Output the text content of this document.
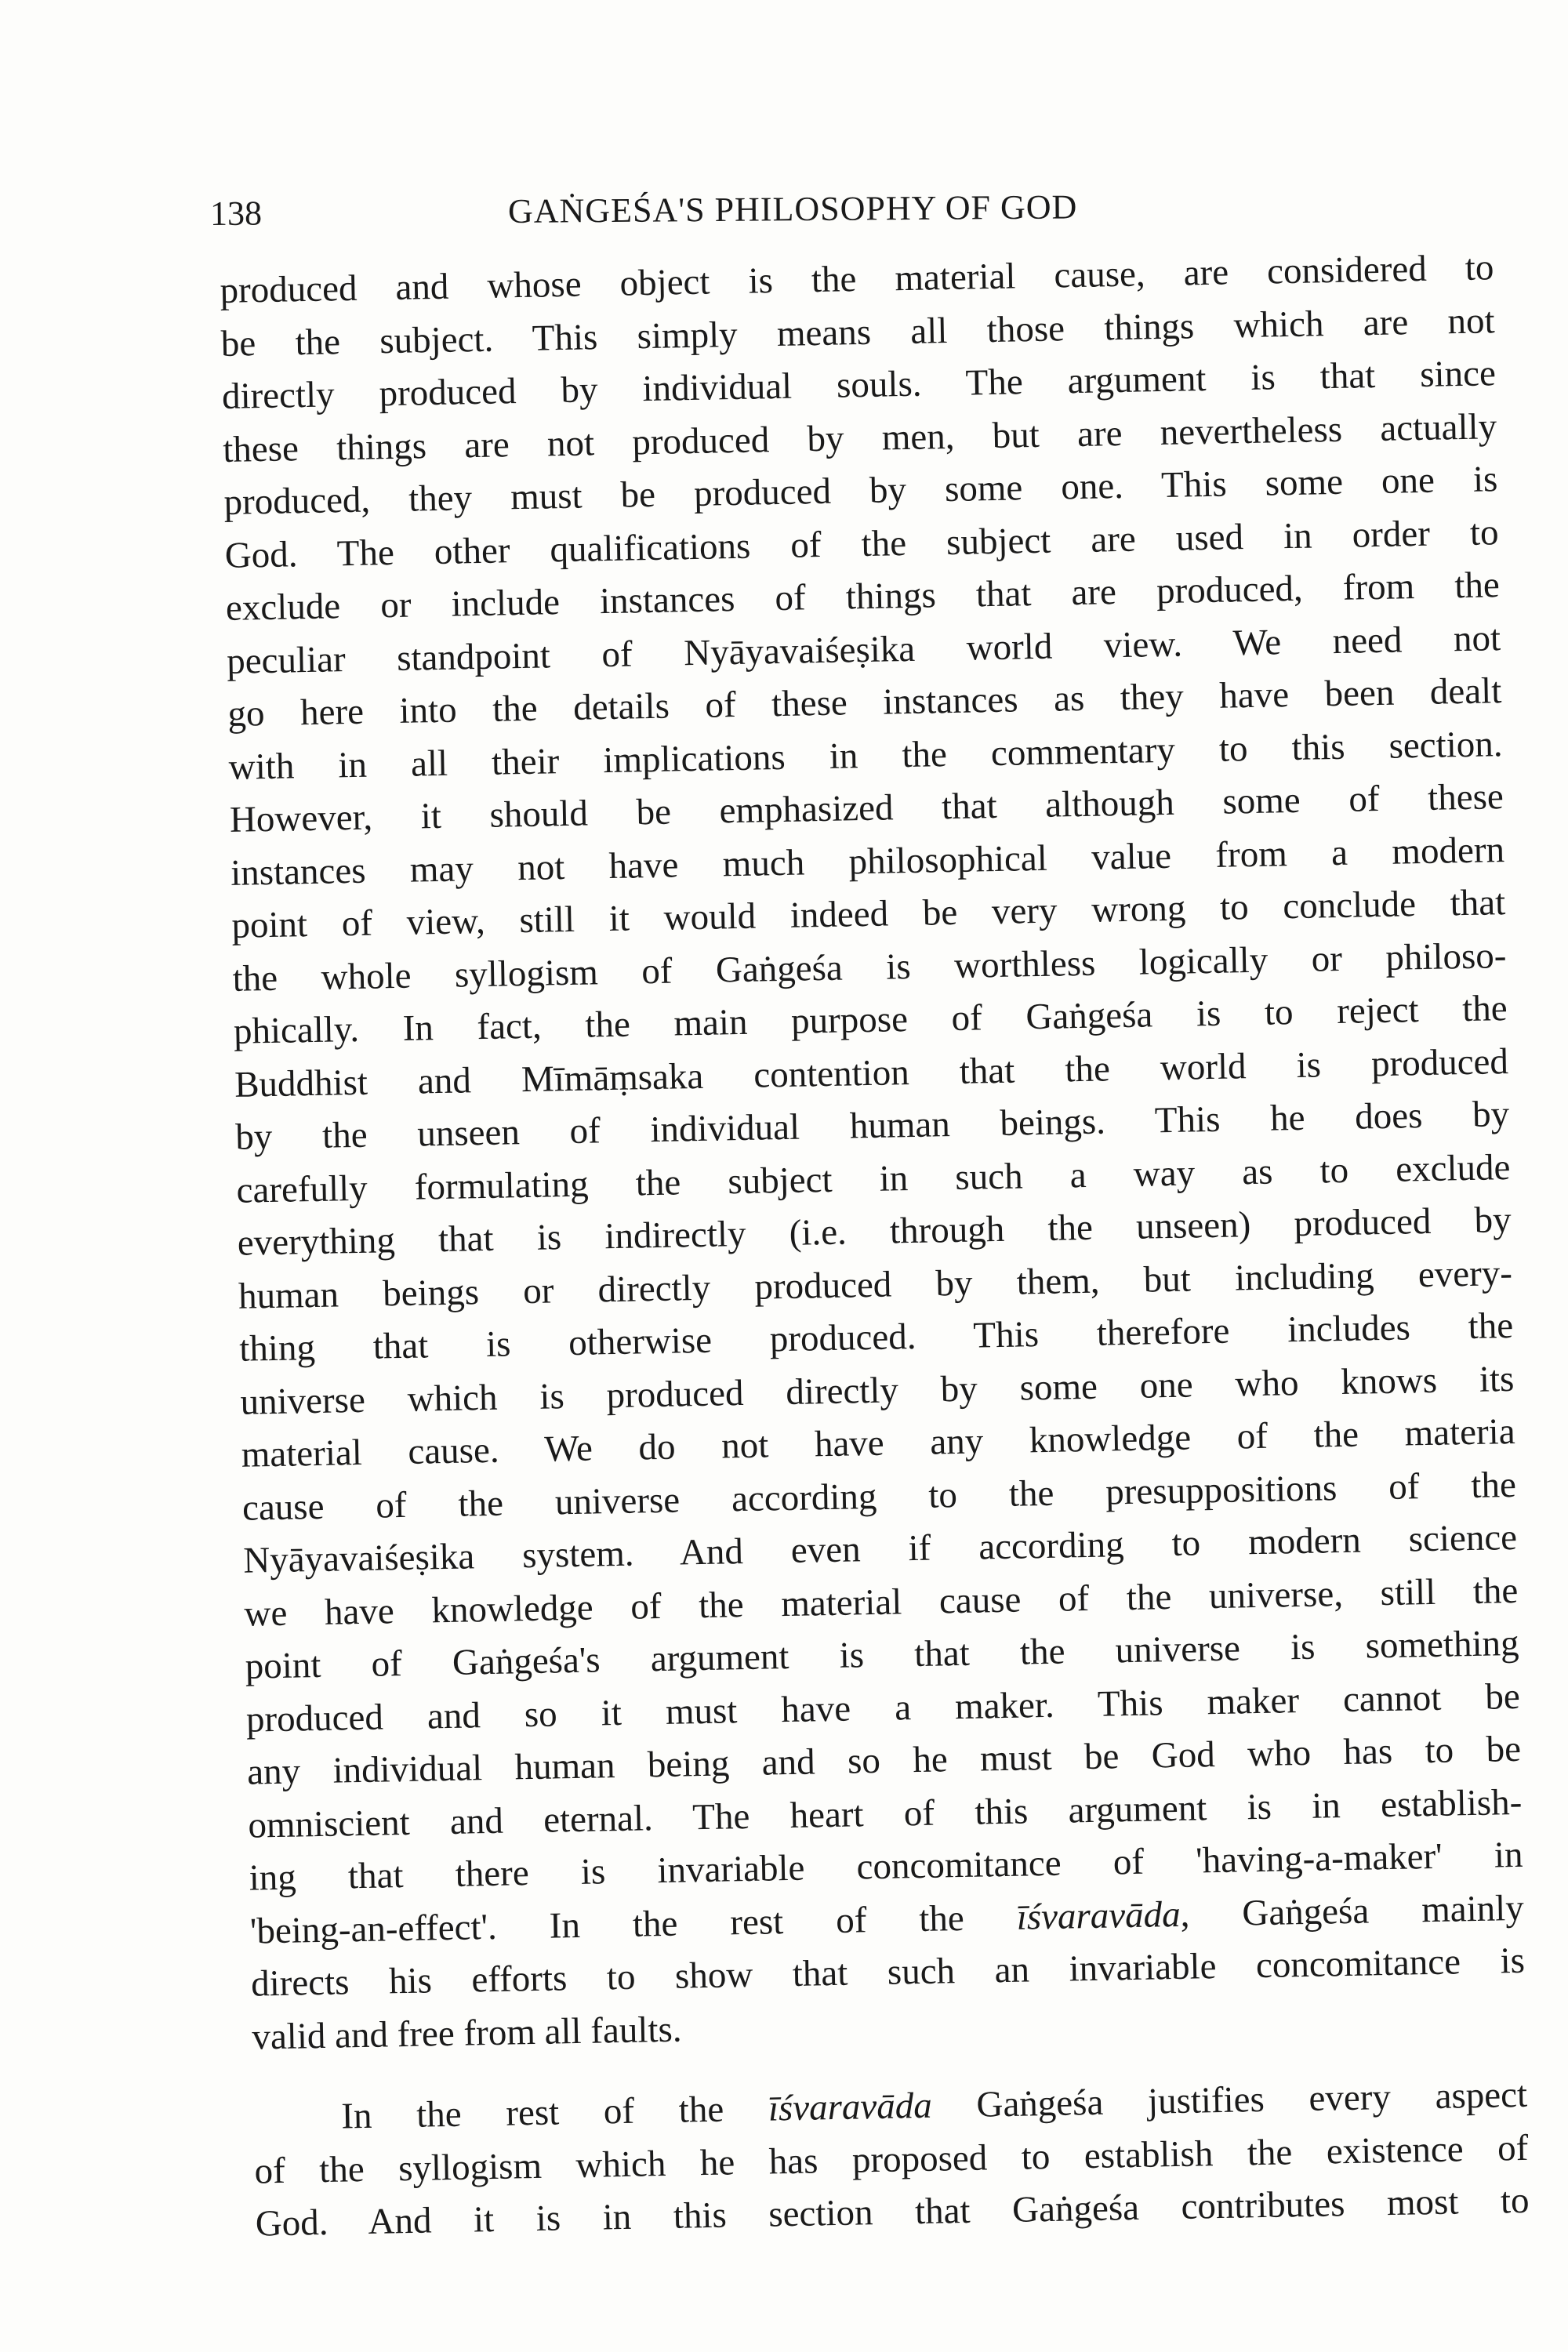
138	GAṄGEŚA'S PHILOSOPHY OF GOD

produced and whose object is the material cause, are considered to
be the subject. This simply means all those things which are not
directly produced by individual souls. The argument is that since
these things are not produced by men, but are nevertheless actually
produced, they must be produced by some one. This some one is
God. The other qualifications of the subject are used in order to
exclude or include instances of things that are produced, from the
peculiar standpoint of Nyāyavaiśeṣika world view. We need not
go here into the details of these instances as they have been dealt
with in all their implications in the commentary to this section.
However, it should be emphasized that although some of these
instances may not have much philosophical value from a modern
point of view, still it would indeed be very wrong to conclude that
the whole syllogism of Gaṅgeśa is worthless logically or philoso-
phically. In fact, the main purpose of Gaṅgeśa is to reject the
Buddhist and Mīmāṃsaka contention that the world is produced
by the unseen of individual human beings. This he does by
carefully formulating the subject in such a way as to exclude
everything that is indirectly (i.e. through the unseen) produced by
human beings or directly produced by them, but including every-
thing that is otherwise produced. This therefore includes the
universe which is produced directly by some one who knows its
material cause. We do not have any knowledge of the materia
cause of the universe according to the presuppositions of the
Nyāyavaiśeṣika system. And even if according to modern science
we have knowledge of the material cause of the universe, still the
point of Gaṅgeśa's argument is that the universe is something
produced and so it must have a maker. This maker cannot be
any individual human being and so he must be God who has to be
omniscient and eternal. The heart of this argument is in establish-
ing that there is invariable concomitance of 'having-a-maker' in
'being-an-effect'. In the rest of the īśvaravāda, Gaṅgeśa mainly
directs his efforts to show that such an invariable concomitance is
valid and free from all faults.

In the rest of the īśvaravāda Gaṅgeśa justifies every aspect
of the syllogism which he has proposed to establish the existence of
God. And it is in this section that Gaṅgeśa contributes most to
